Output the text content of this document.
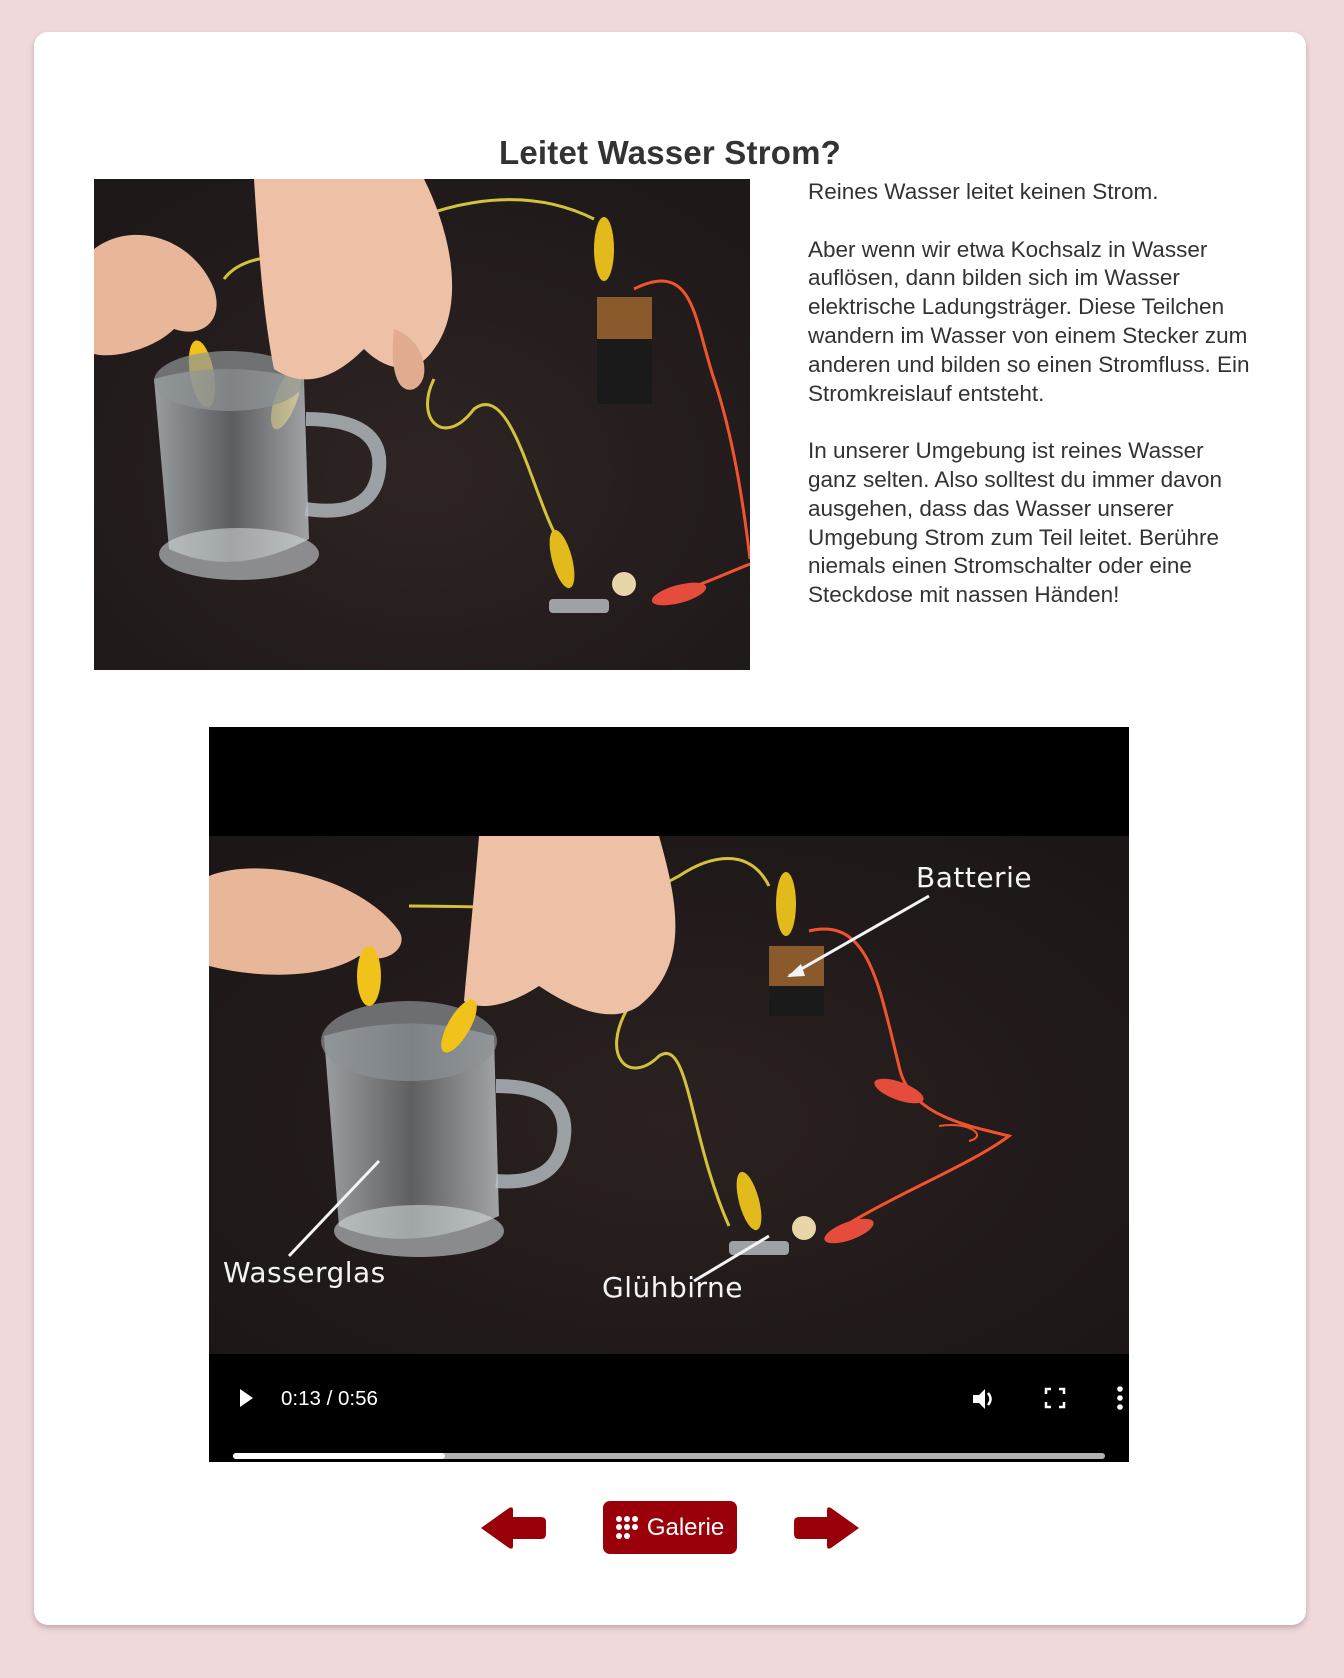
Leitet Wasser Strom?

Reines Wasser leitet keinen Strom.

Aber wenn wir etwa Kochsalz in Wasser auflösen, dann bilden sich im Wasser elektrische Ladungsträger. Diese Teilchen wandern im Wasser von einem Stecker zum anderen und bilden so einen Stromfluss. Ein Stromkreislauf entsteht.

In unserer Umgebung ist reines Wasser ganz selten. Also solltest du immer davon ausgehen, dass das Wasser unserer Umgebung Strom zum Teil leitet. Berühre niemals einen Stromschalter oder eine Steckdose mit nassen Händen!

Batterie
Wasserglas	Glühbirne
0:13 / 0:56
Galerie
